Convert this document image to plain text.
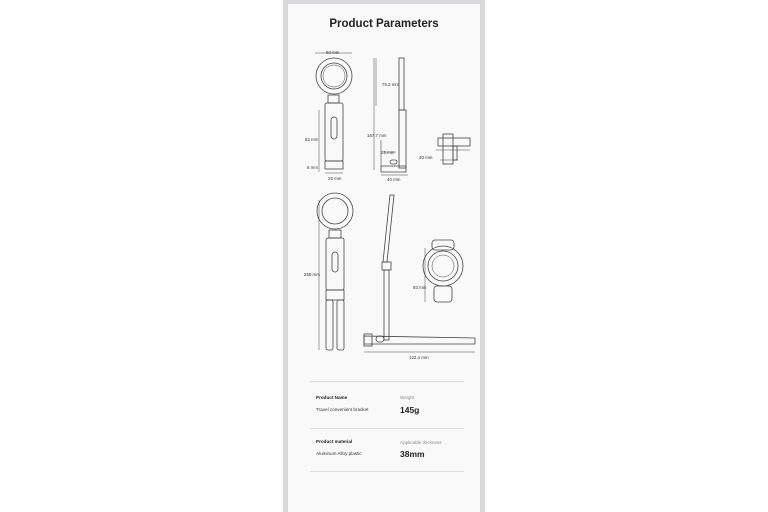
Product Parameters
60 mm
75.2 mm
82 mm
167.7 mm
25 mm
8 mm
25 mm	40 mm
40 mm
250 mm
93 mm
122.4 mm
Product Name	Weight
Travel convenient bracket	145g
Product material	Applicable thickness
Aluminum Alloy plastic	38mm
